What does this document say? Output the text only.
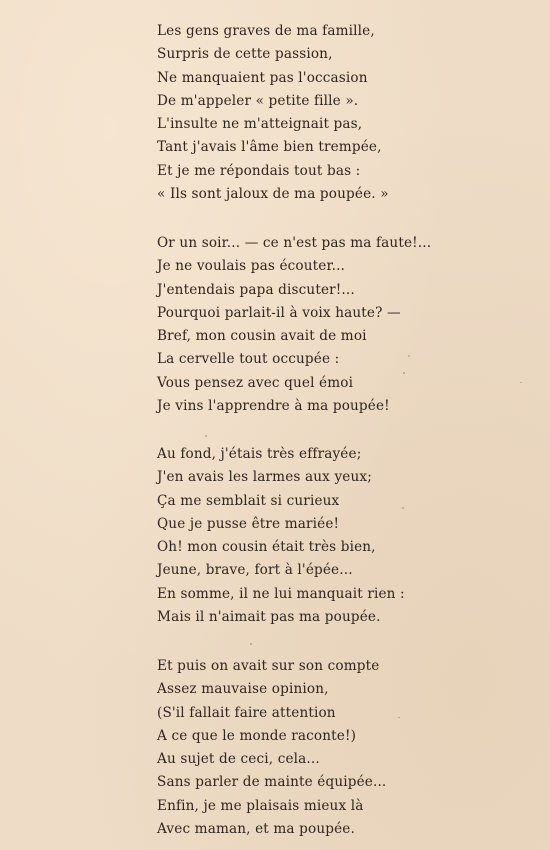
Les gens graves de ma famille,
Surpris de cette passion,
Ne manquaient pas l'occasion
De m'appeler « petite fille ».
L'insulte ne m'atteignait pas,
Tant j'avais l'âme bien trempée,
Et je me répondais tout bas :
« Ils sont jaloux de ma poupée. »
Or un soir... — ce n'est pas ma faute!...
Je ne voulais pas écouter...
J'entendais papa discuter!...
Pourquoi parlait-il à voix haute? —
Bref, mon cousin avait de moi
La cervelle tout occupée :
Vous pensez avec quel émoi
Je vins l'apprendre à ma poupée!
Au fond, j'étais très effrayée;
J'en avais les larmes aux yeux;
Ça me semblait si curieux
Que je pusse être mariée!
Oh! mon cousin était très bien,
Jeune, brave, fort à l'épée...
En somme, il ne lui manquait rien :
Mais il n'aimait pas ma poupée.
Et puis on avait sur son compte
Assez mauvaise opinion,
(S'il fallait faire attention
A ce que le monde raconte!)
Au sujet de ceci, cela...
Sans parler de mainte équipée...
Enfin, je me plaisais mieux là
Avec maman, et ma poupée.
